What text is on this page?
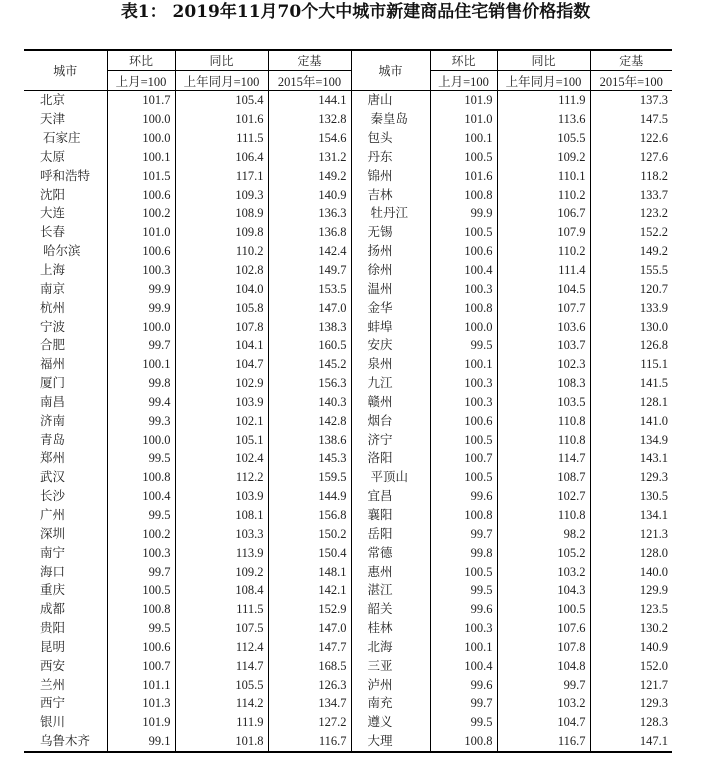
表1： 2019年11月70个大中城市新建商品住宅销售价格指数
城市	环比	同比	定基	城市	环比	同比	定基
	上月=100	上年同月=100	2015年=100		上月=100	上年同月=100	2015年=100
北京	101.7	105.4	144.1	唐山	101.9	111.9	137.3
天津	100.0	101.6	132.8	秦皇岛	101.0	113.6	147.5
石家庄	100.0	111.5	154.6	包头	100.1	105.5	122.6
太原	100.1	106.4	131.2	丹东	100.5	109.2	127.6
呼和浩特	101.5	117.1	149.2	锦州	101.6	110.1	118.2
沈阳	100.6	109.3	140.9	吉林	100.8	110.2	133.7
大连	100.2	108.9	136.3	牡丹江	99.9	106.7	123.2
长春	101.0	109.8	136.8	无锡	100.5	107.9	152.2
哈尔滨	100.6	110.2	142.4	扬州	100.6	110.2	149.2
上海	100.3	102.8	149.7	徐州	100.4	111.4	155.5
南京	99.9	104.0	153.5	温州	100.3	104.5	120.7
杭州	99.9	105.8	147.0	金华	100.8	107.7	133.9
宁波	100.0	107.8	138.3	蚌埠	100.0	103.6	130.0
合肥	99.7	104.1	160.5	安庆	99.5	103.7	126.8
福州	100.1	104.7	145.2	泉州	100.1	102.3	115.1
厦门	99.8	102.9	156.3	九江	100.3	108.3	141.5
南昌	99.4	103.9	140.3	赣州	100.3	103.5	128.1
济南	99.3	102.1	142.8	烟台	100.6	110.8	141.0
青岛	100.0	105.1	138.6	济宁	100.5	110.8	134.9
郑州	99.5	102.4	145.3	洛阳	100.7	114.7	143.1
武汉	100.8	112.2	159.5	平顶山	100.5	108.7	129.3
长沙	100.4	103.9	144.9	宜昌	99.6	102.7	130.5
广州	99.5	108.1	156.8	襄阳	100.8	110.8	134.1
深圳	100.2	103.3	150.2	岳阳	99.7	98.2	121.3
南宁	100.3	113.9	150.4	常德	99.8	105.2	128.0
海口	99.7	109.2	148.1	惠州	100.5	103.2	140.0
重庆	100.5	108.4	142.1	湛江	99.5	104.3	129.9
成都	100.8	111.5	152.9	韶关	99.6	100.5	123.5
贵阳	99.5	107.5	147.0	桂林	100.3	107.6	130.2
昆明	100.6	112.4	147.7	北海	100.1	107.8	140.9
西安	100.7	114.7	168.5	三亚	100.4	104.8	152.0
兰州	101.1	105.5	126.3	泸州	99.6	99.7	121.7
西宁	101.3	114.2	134.7	南充	99.7	103.2	129.3
银川	101.9	111.9	127.2	遵义	99.5	104.7	128.3
乌鲁木齐	99.1	101.8	116.7	大理	100.8	116.7	147.1
